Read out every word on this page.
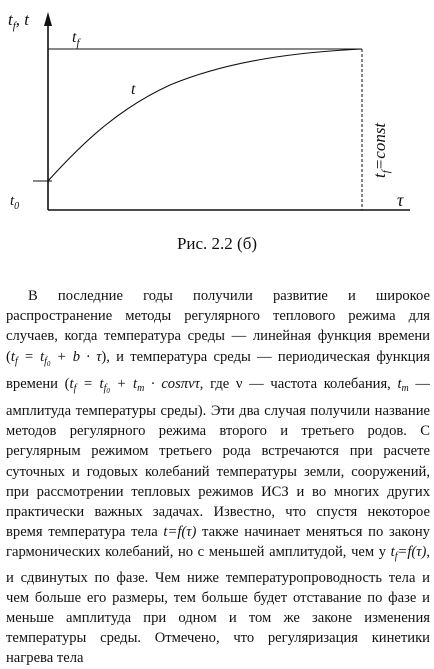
$t_f$, t
$t_f$
t
$t_0$	τ
$t_f=const$
Рис. 2.2 (б)

В последние годы получили развитие и широкое распространение методы регулярного теплового режима для случаев, когда температура среды — линейная функция времени $(t_f = t_{f_0} + b \cdot \tau)$, и температура среды — периодическая функция времени ($t_f = t_{f_0} + t_m \cdot \cos\pi\nu\tau$, где ν — частота колебания, $t_m$ — амплитуда температуры среды). Эти два случая получили название методов регулярного режима второго и третьего родов. С регулярным режимом третьего рода встречаются при расчете суточных и годовых колебаний температуры земли, сооружений, при рассмотрении тепловых режимов ИСЗ и во многих других практически важных задачах. Известно, что спустя некоторое время температура тела t=f(τ) также начинает меняться по закону гармонических колебаний, но с меньшей амплитудой, чем у $t_f=f(\tau)$, и сдвинутых по фазе. Чем ниже температуропроводность тела и чем больше его размеры, тем больше будет отставание по фазе и меньше амплитуда при одном и том же законе изменения температуры среды. Отмечено, что регуляризация кинетики нагрева тела
